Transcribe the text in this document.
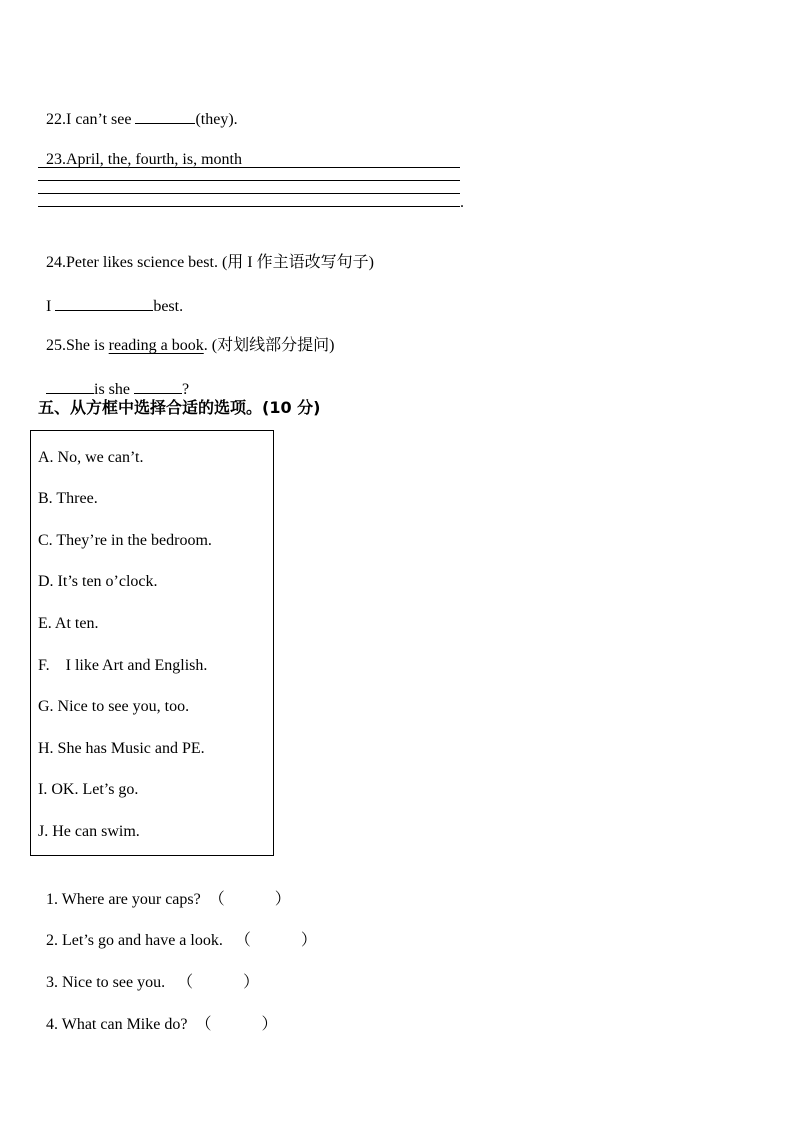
22.I can’t see	(they).

23.April, the, fourth, is, month

.

24.Peter likes science best. (用 I 作主语改写句子)

I	best.

25.She is reading a book. (对划线部分提问)

is she	?

五、从方框中选择合适的选项。(10 分)
A. No, we can’t.
B. Three.
C. They’re in the bedroom.
D. It’s ten o’clock.
E. At ten.
F.    I like Art and English.
G. Nice to see you, too.
H. She has Music and PE.
I. OK. Let’s go.
J. He can swim.

1. Where are your caps? （	）

2. Let’s go and have a look. （	）

3. Nice to see you. （	）

4. What can Mike do? （	）
